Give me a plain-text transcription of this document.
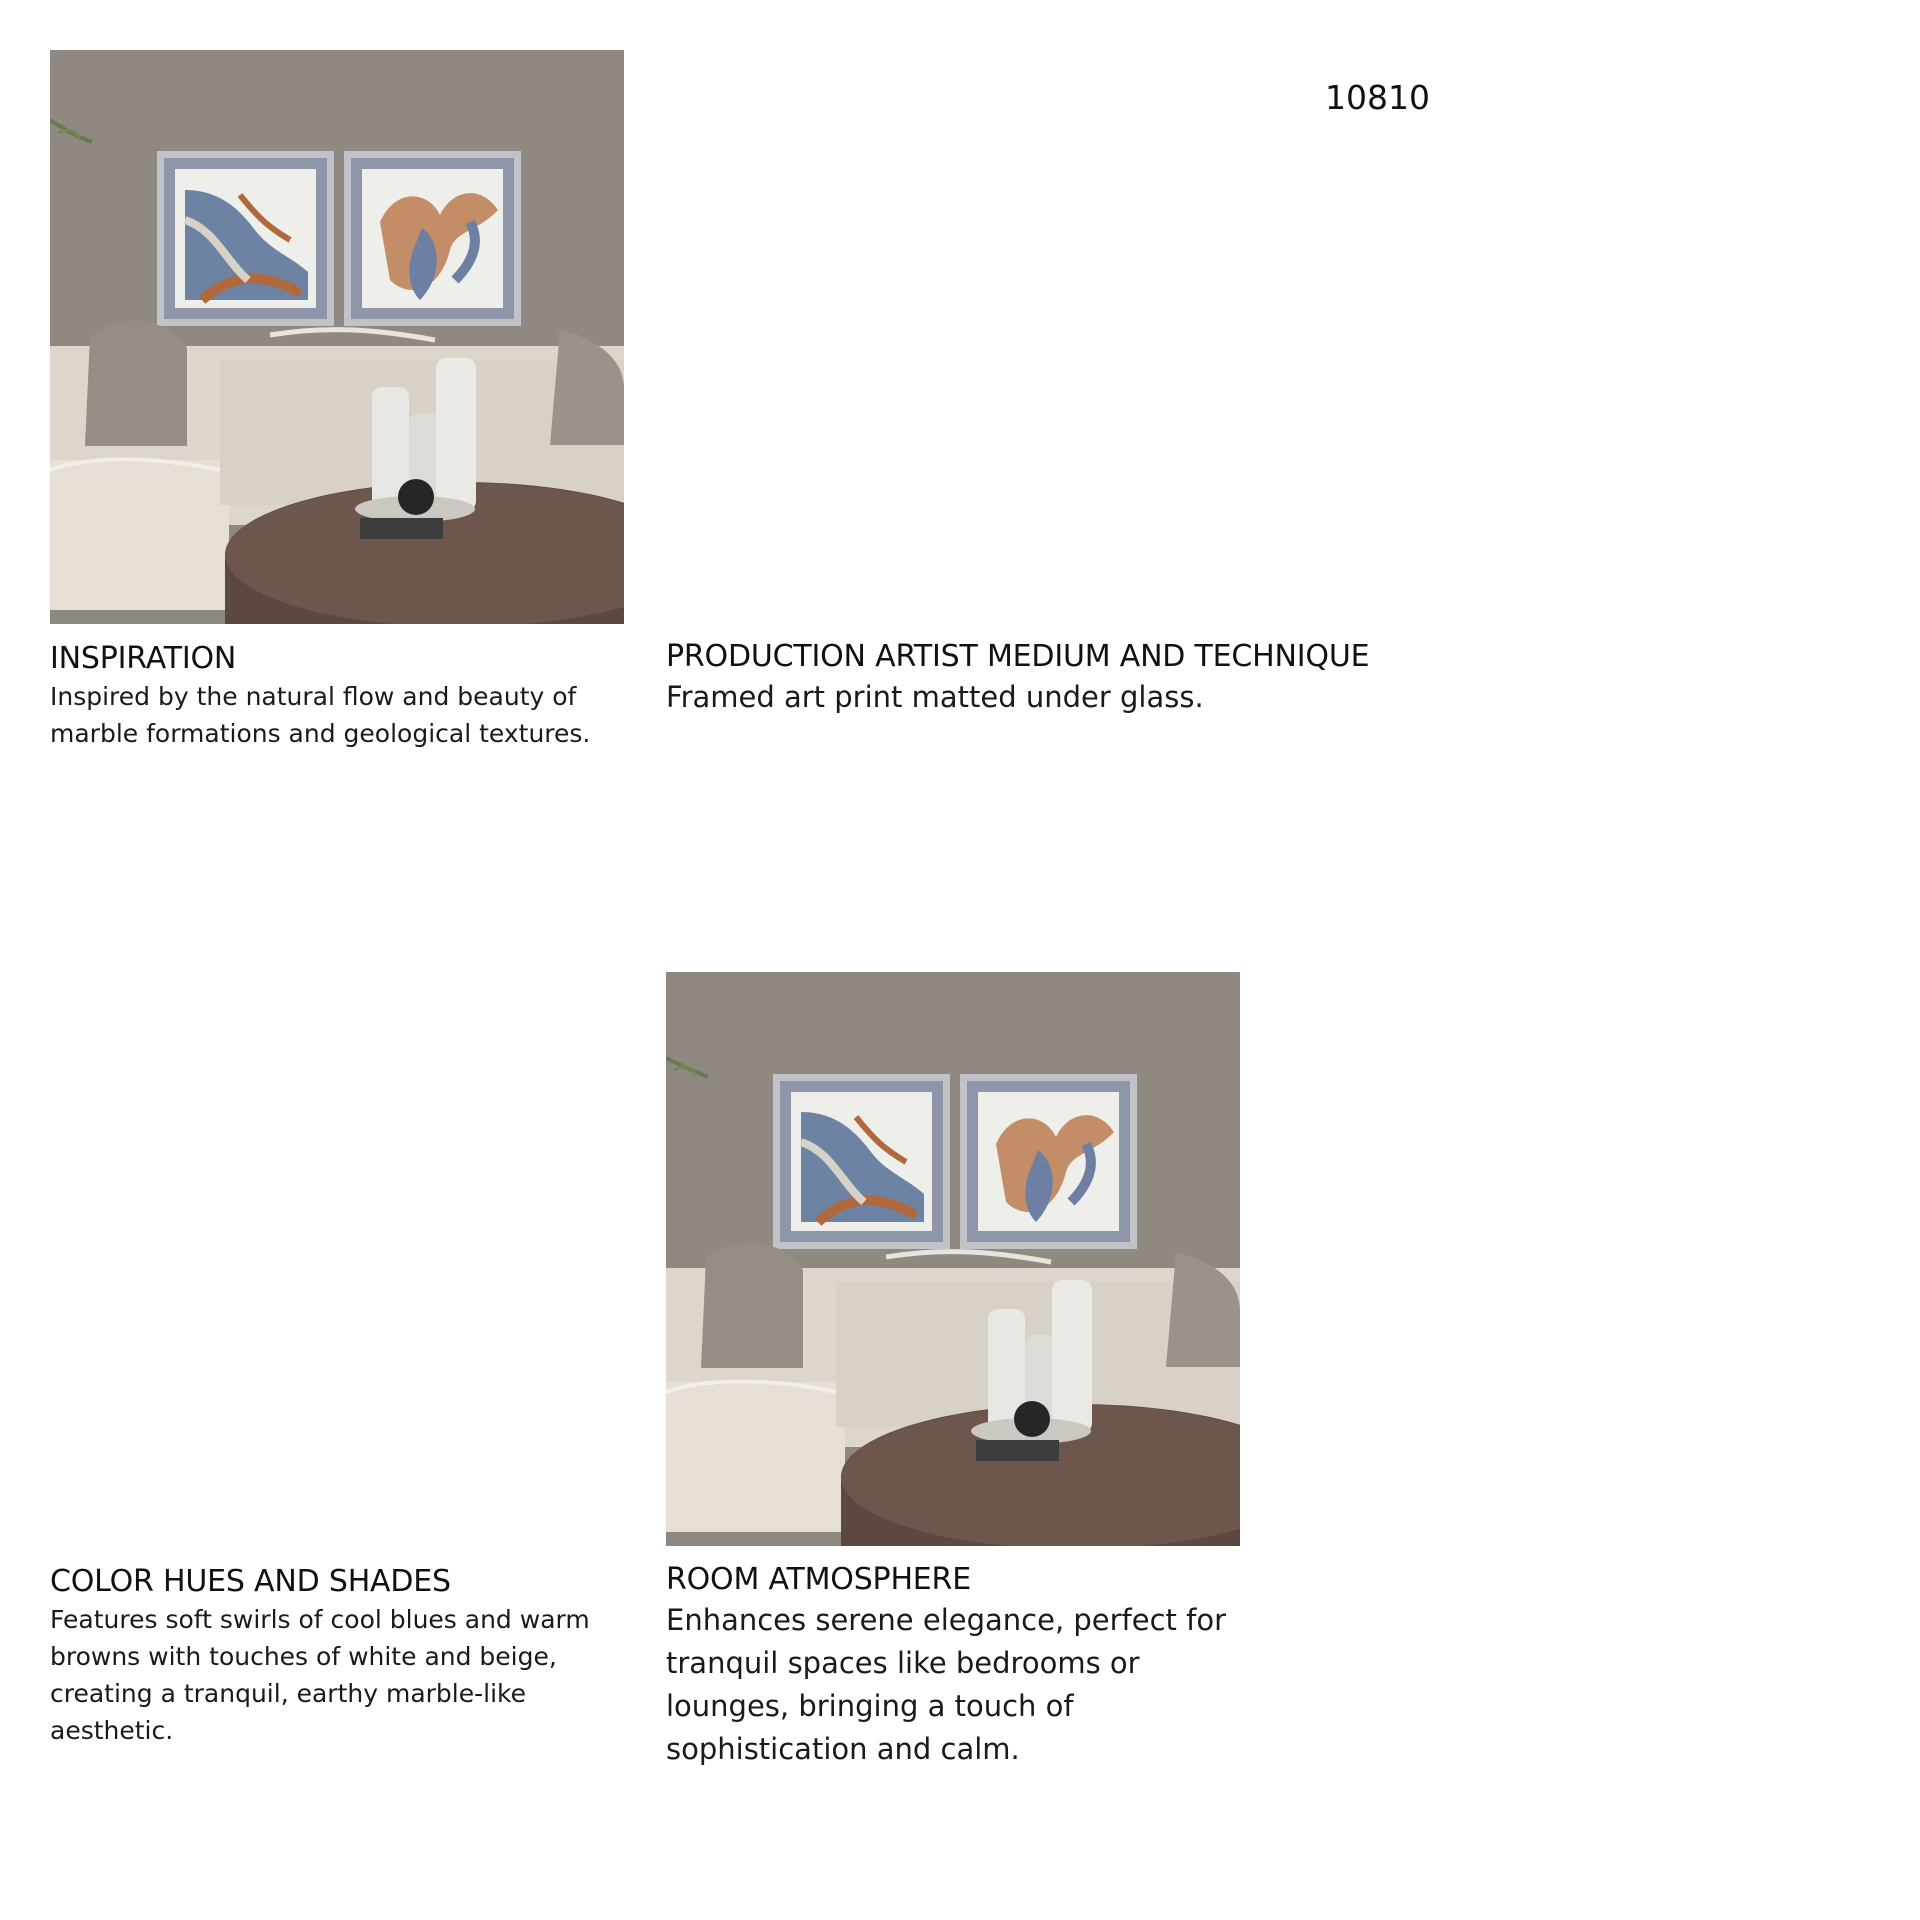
10810
INSPIRATION

Inspired by the natural flow and beauty of marble formations and geological textures.

PRODUCTION ARTIST MEDIUM AND TECHNIQUE

Framed art print matted under glass.

COLOR HUES AND SHADES

Features soft swirls of cool blues and warm browns with touches of white and beige, creating a tranquil, earthy marble-like aesthetic.

ROOM ATMOSPHERE

Enhances serene elegance, perfect for tranquil spaces like bedrooms or lounges, bringing a touch of sophistication and calm.
